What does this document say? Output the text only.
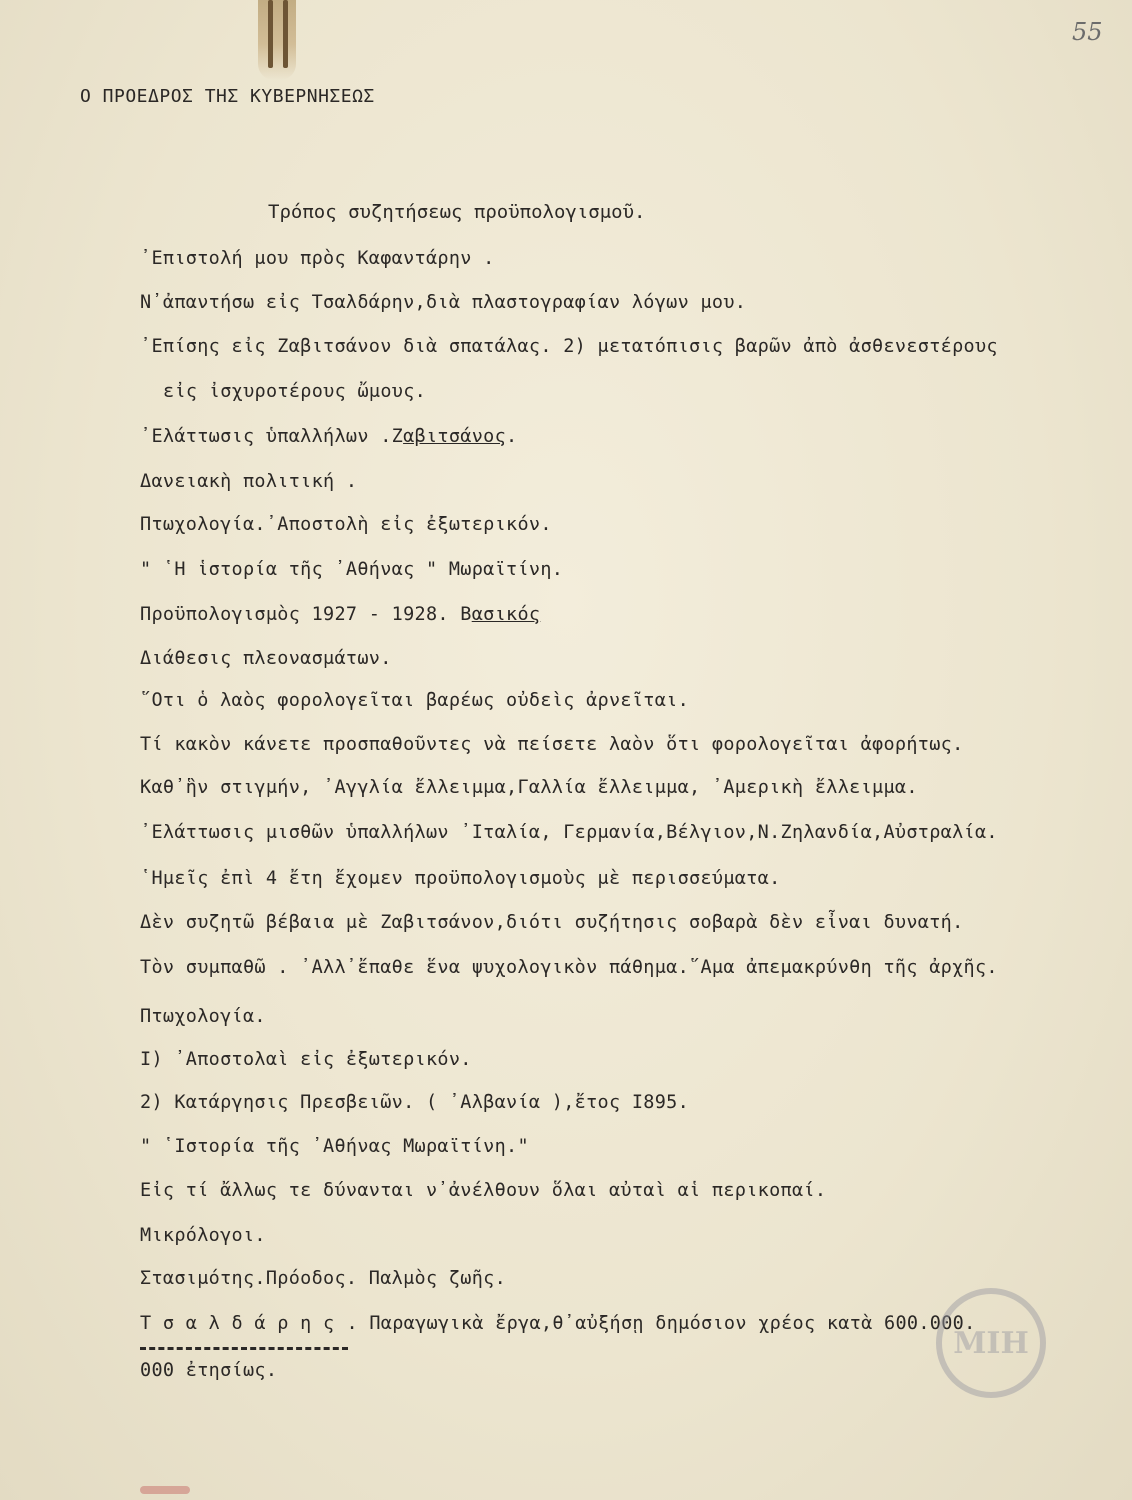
55
Ο ΠΡΟΕΔΡΟΣ ΤΗΣ ΚΥΒΕΡΝΗΣΕΩΣ
Τρόπος συζητήσεως προϋπολογισμοῦ.
᾿Επιστολή μου πρὸς Καφαντάρην .
Ν᾿ἀπαντήσω εἰς Τσαλδάρην,διὰ πλαστογραφίαν λόγων μου.
᾿Επίσης εἰς Ζαβιτσάνον διὰ σπατάλας. 2) μετατόπισις βαρῶν ἀπὸ ἀσθενεστέρους
εἰς ἰσχυροτέρους ὤμους.
᾿Ελάττωσις ὑπαλλήλων .Ζαβιτσάνος.
Δανειακὴ πολιτική .
Πτωχολογία.᾿Αποστολὴ εἰς ἐξωτερικόν.
" ῾Η ἱστορία τῆς ᾿Αθήνας " Μωραϊτίνη.
Προϋπολογισμὸς 1927 - 1928. Βασικός
Διάθεσις πλεονασμάτων.
῞Οτι ὁ λαὸς φορολογεῖται βαρέως οὐδεὶς ἀρνεῖται.
Τί κακὸν κάνετε προσπαθοῦντες νὰ πείσετε λαὸν ὅτι φορολογεῖται ἀφορήτως.
Καθ᾿ἣν στιγμήν, ᾿Αγγλία ἔλλειμμα,Γαλλία ἔλλειμμα, ᾿Αμερικὴ ἔλλειμμα.
᾿Ελάττωσις μισθῶν ὑπαλλήλων ᾿Ιταλία, Γερμανία,Βέλγιον,Ν.Ζηλανδία,Αὐστραλία.
῾Ημεῖς ἐπὶ 4 ἔτη ἔχομεν προϋπολογισμοὺς μὲ περισσεύματα.
Δὲν συζητῶ βέβαια μὲ Ζαβιτσάνον,διότι συζήτησις σοβαρὰ δὲν εἶναι δυνατή.
Τὸν συμπαθῶ . ᾿Αλλ᾿ἔπαθε ἕνα ψυχολογικὸν πάθημα.῞Αμα ἀπεμακρύνθη τῆς ἀρχῆς.
Πτωχολογία.
I) ᾿Αποστολαὶ εἰς ἐξωτερικόν.
2) Κατάργησις Πρεσβειῶν. ( ᾿Αλβανία ),ἔτος I895.
" ῾Ιστορία τῆς ᾿Αθήνας Μωραϊτίνη."
Εἰς τί ἄλλως τε δύνανται ν᾿ἀνέλθουν ὅλαι αὐταὶ αἱ περικοπαί.
Μικρόλογοι.
Στασιμότης.Πρόοδος. Παλμὸς ζωῆς.
Τ σ α λ δ ά ρ η ς . Παραγωγικὰ ἔργα,θ᾿αὐξήσῃ δημόσιον χρέος κατὰ 600.000.
000 ἐτησίως.
ΜΙΗ
